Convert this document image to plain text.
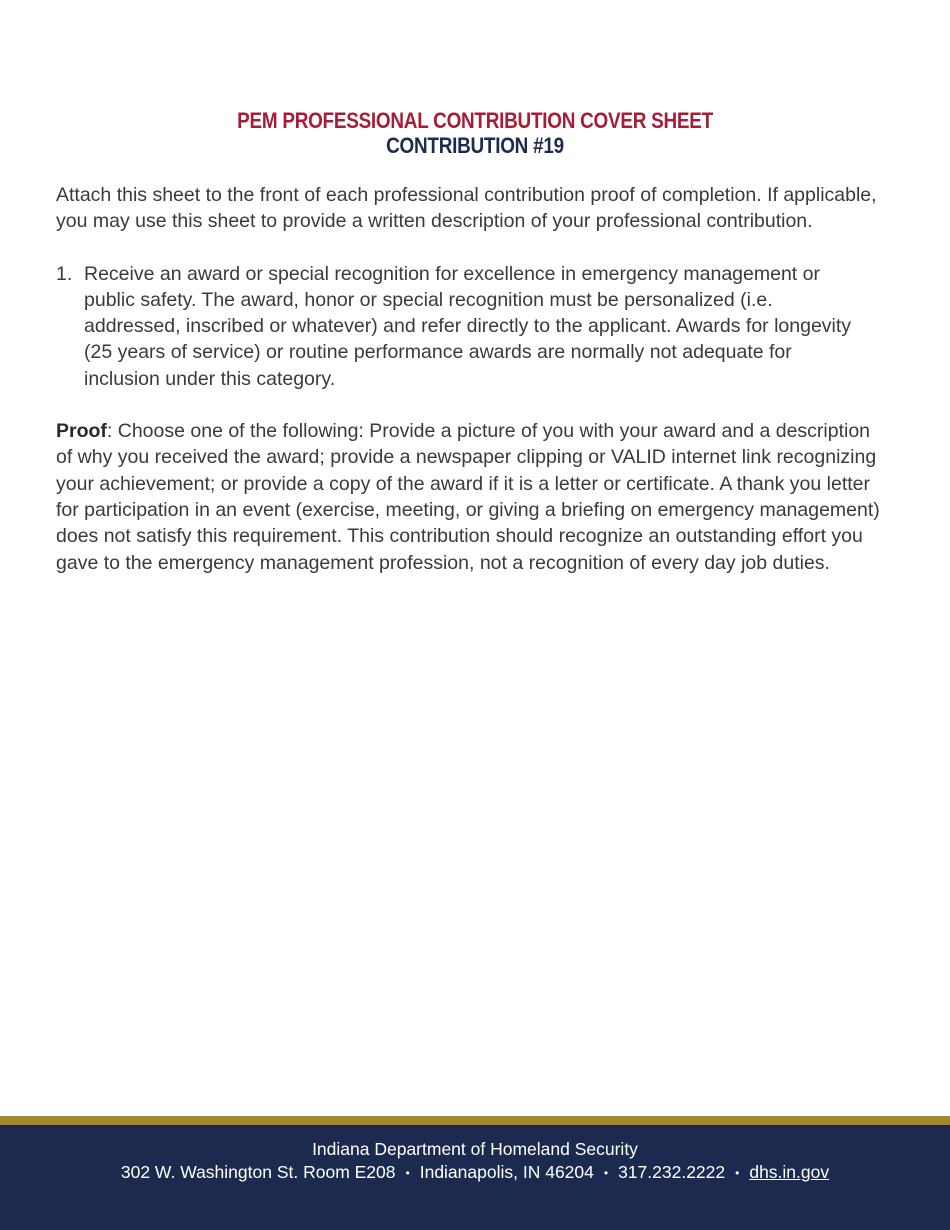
PEM PROFESSIONAL CONTRIBUTION COVER SHEET
CONTRIBUTION #19

Attach this sheet to the front of each professional contribution proof of completion. If applicable, you may use this sheet to provide a written description of your professional contribution.

1. Receive an award or special recognition for excellence in emergency management or public safety. The award, honor or special recognition must be personalized (i.e. addressed, inscribed or whatever) and refer directly to the applicant. Awards for longevity (25 years of service) or routine performance awards are normally not adequate for inclusion under this category.

Proof: Choose one of the following: Provide a picture of you with your award and a description of why you received the award; provide a newspaper clipping or VALID internet link recognizing your achievement; or provide a copy of the award if it is a letter or certificate. A thank you letter for participation in an event (exercise, meeting, or giving a briefing on emergency management) does not satisfy this requirement. This contribution should recognize an outstanding effort you gave to the emergency management profession, not a recognition of every day job duties.

Indiana Department of Homeland Security
302 W. Washington St. Room E208 • Indianapolis, IN 46204 • 317.232.2222 • dhs.in.gov
